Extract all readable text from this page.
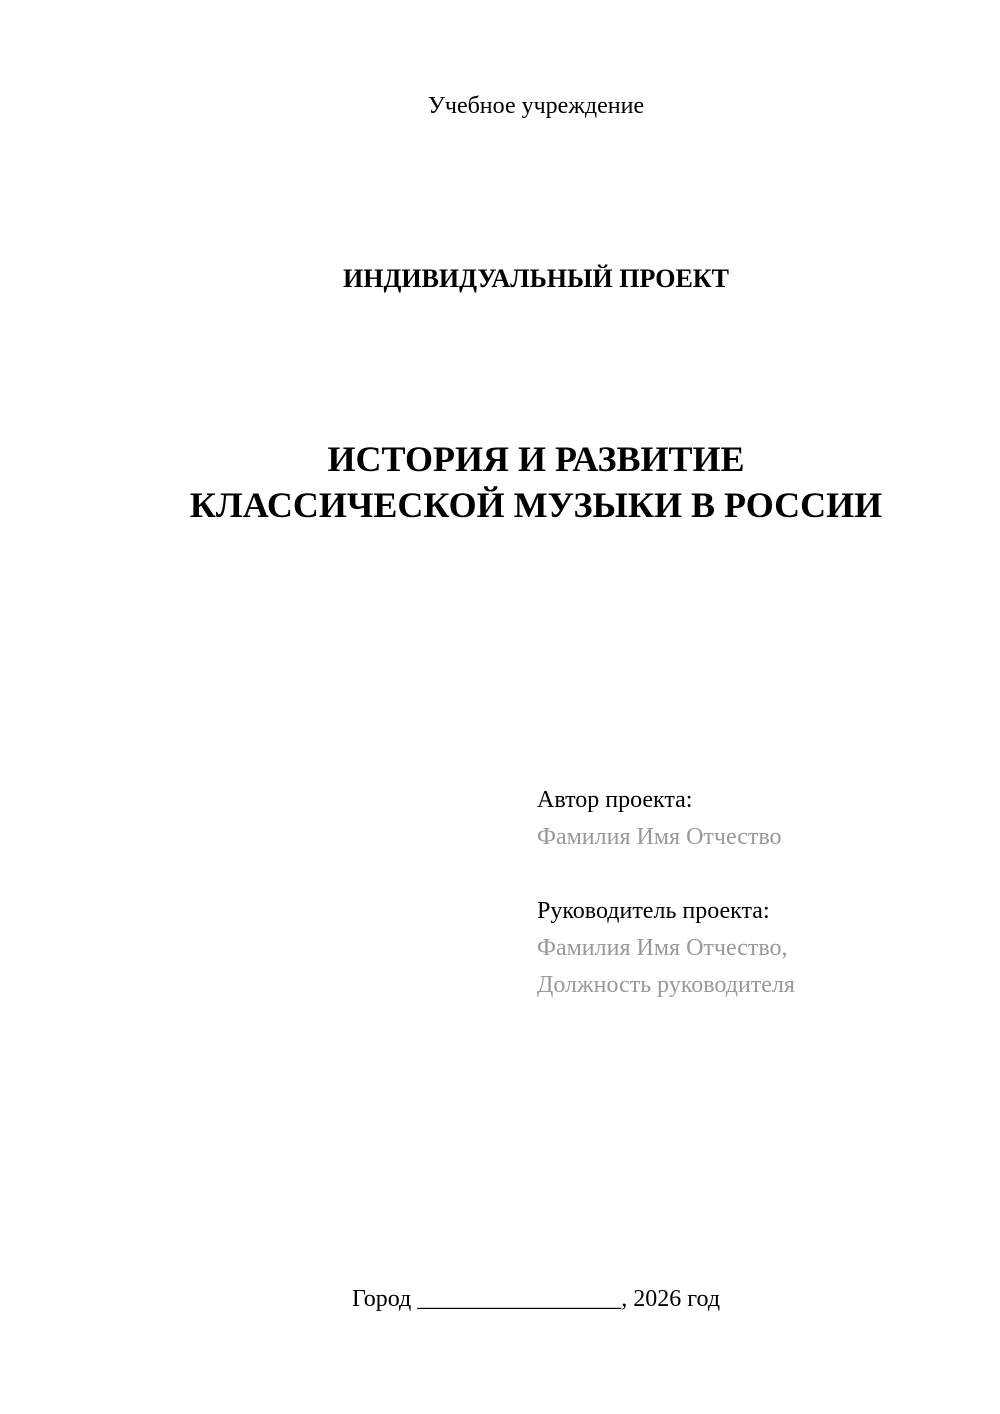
Учебное учреждение
ИНДИВИДУАЛЬНЫЙ ПРОЕКТ
ИСТОРИЯ И РАЗВИТИЕ
КЛАССИЧЕСКОЙ МУЗЫКИ В РОССИИ
Автор проекта:
Фамилия Имя Отчество
Руководитель проекта:
Фамилия Имя Отчество,
Должность руководителя
Город _________________, 2026 год
